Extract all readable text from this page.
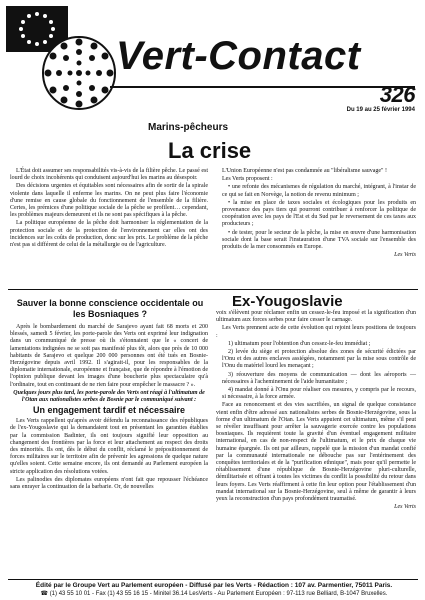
Vert-Contact
326
Du 19 au 25 février 1994
Marins-pêcheurs
La crise

L'État doit assumer ses responsabilités vis-à-vis de la filière pêche. Le passé est lourd de choix incohérents qui conduisent aujourd'hui les marins au désespoir.

Des décisions urgentes et équitables sont nécessaires afin de sortir de la spirale violente dans laquelle il enferme les marins. On ne peut plus faire l'économie d'une remise en cause globale du fonctionnement de l'ensemble de la filière. Certes, les prémices d'une politique sociale de la pêche se profilent… cependant, les problèmes majeurs demeurent et ils ne sont pas spécifiques à la pêche.

La politique européenne de la pêche doit harmoniser la réglementation de la protection sociale et de la protection de l'environnement car elles ont des incidences sur les coûts de production, donc sur les prix. Le problème de la pêche n'est pas si différent de celui de la métallurgie ou de l'agriculture.

L'Union Européenne n'est pas condamnée au "libéralisme sauvage" !

Les Verts proposent :

• une refonte des mécanismes de régulation du marché, intégrant, à l'instar de ce qui se fait en Norvège, la notion de revenu minimum ;

• la mise en place de taxes sociales et écologiques pour les produits en provenance des pays tiers qui pourront contribuer à renforcer la politique de coopération avec les pays de l'Est et du Sud par le reversement de ces taxes aux producteurs ;

• de tester, pour le secteur de la pêche, la mise en œuvre d'une harmonisation sociale dont la base serait l'instauration d'une TVA sociale sur l'ensemble des produits de la mer consommés en Europe.

Les Verts
Ex-Yougoslavie
Sauver la bonne conscience occidentale ou les Bosniaques ?

Après le bombardement du marché de Sarajevo ayant fait 68 morts et 200 blessés, samedi 5 février, les porte-parole des Verts ont exprimé leur indignation dans un communiqué de presse où ils s'étonnaient que le « concert de lamentations indignées ne se soit pas manifesté plus tôt, alors que près de 10 000 habitants de Sarajevo et quelque 200 000 personnes ont été tués en Bosnie-Herzégovine depuis avril 1992. Il s'agirait-il, pour les responsables de la diplomatie internationale, européenne et française, que de répondre à l'émotion de l'opinion publique devant les images d'une boucherie plus spectaculaire qu'à l'ordinaire, tout en continuant de ne rien faire pour empêcher le massacre ? ».

Quelques jours plus tard, les porte-parole des Verts ont réagi à l'ultimatum de l'Otan aux nationalistes serbes de Bosnie par le communiqué suivant :

Un engagement tardif et nécessaire

Les Verts rappellent qu'après avoir défendu la reconnaissance des républiques de l'ex-Yougoslavie qui la demandaient tout en présentant les garanties établies par la commission Badinter, ils ont toujours signifié leur opposition au changement des frontières par la force et leur attachement au respect des droits des minorités. Ils ont, dès le début du conflit, réclamé le prépositionnement de forces militaires sur le territoire afin de prévenir les agressions de quelque nature qu'elles soient. Cette semaine encore, ils ont demandé au Parlement européen la stricte application des résolutions votées.

Les palinodies des diplomates européens n'ont fait que repousser l'échéance sans enrayer la continuation de la barbarie. Or, de nouvelles

voix s'élèvent pour réclamer enfin un cessez-le-feu imposé et la signification d'un ultimatum aux forces serbes pour faire cesser le carnage.

Les Verts prennent acte de cette évolution qui rejoint leurs positions de toujours :

1) ultimatum pour l'obtention d'un cessez-le-feu immédiat ;

2) levée du siège et protection absolue des zones de sécurité édictées par l'Onu et des autres enclaves assiégées, notamment par la mise sous contrôle de l'Onu du matériel lourd les menaçant ;

3) réouverture des moyens de communication — dont les aéroports — nécessaires à l'acheminement de l'aide humanitaire ;

4) mandat donné à l'Onu pour réaliser ces mesures, y compris par le recours, si nécessaire, à la force armée.

Face au renoncement et des vies sacrifiées, un signal de quelque consistance vient enfin d'être adressé aux nationalistes serbes de Bosnie-Herzégovine, sous la forme d'un ultimatum de l'Otan. Les Verts appuient cet ultimatum, même s'il peut se révéler insuffisant pour arrêter la sauvagerie exercée contre les populations bosniaques. Ils requièrent toute la gravité d'un éventuel engagement militaire international, en cas de non-respect de l'ultimatum, et le prix de chaque vie humaine épargnée. Ils ont par ailleurs, rappelé que la mission d'un mandat confié par la communauté internationale ne débouche pas sur l'entérinement des conquêtes territoriales et de la "purification ethnique", mais pour qu'il permette le rétablissement d'une république de Bosnie-Herzégovine pluri-culturelle, démilitarisée et offrant à toutes les victimes du conflit la possibilité du retour dans leurs foyers. Les Verts réaffirment à cette fin leur option pour l'établissement d'un mandat international sur la Bosnie-Herzégovine, seul à même de garantir à leurs yeux la reconstruction d'un pays profondément traumatisé.

Les Verts
Édité par le Groupe Vert au Parlement européen - Diffusé par les Verts - Rédaction : 107 av. Parmentier, 75011 Paris.
☎ (1) 43 55 10 01 - Fax (1) 43 55 16 15 - Minitel 36.14 LesVerts - Au Parlement Européen : 97-113 rue Belliard, B-1047 Bruxelles.
